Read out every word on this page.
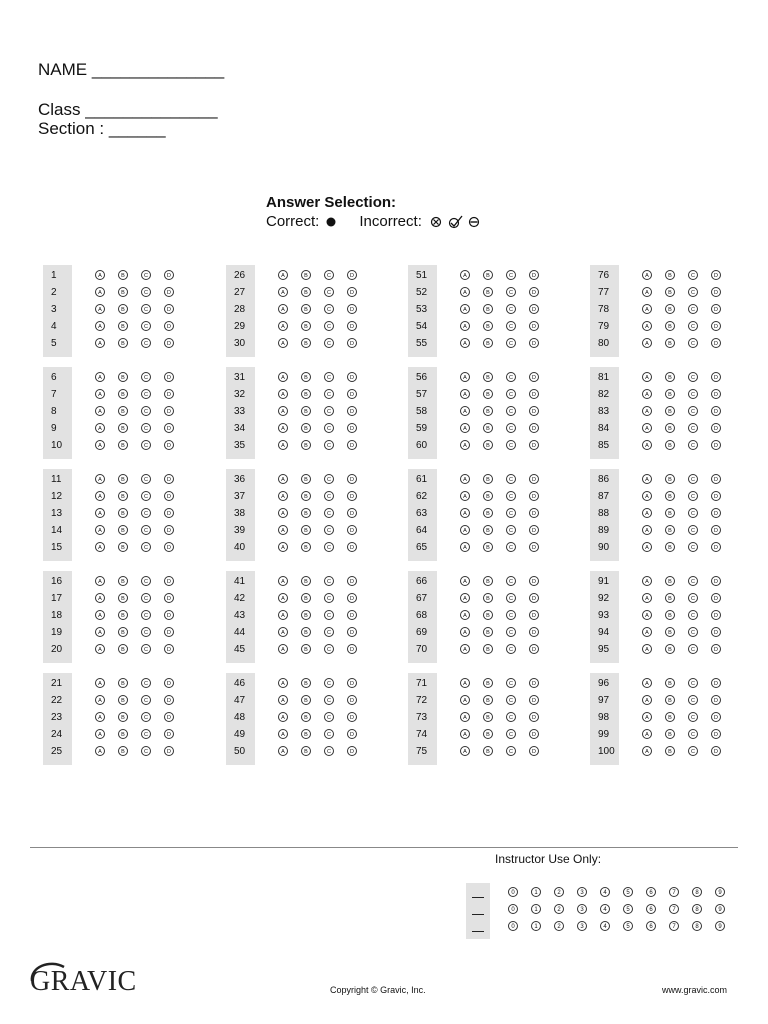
NAME ______________
Class ______________
Section : ______
Answer Selection:
Correct:	Incorrect:
1	A	B	C	D
2	A	B	C	D
3	A	B	C	D
4	A	B	C	D
5	A	B	C	D
6	A	B	C	D
7	A	B	C	D
8	A	B	C	D
9	A	B	C	D
10	A	B	C	D
11	A	B	C	D
12	A	B	C	D
13	A	B	C	D
14	A	B	C	D
15	A	B	C	D
16	A	B	C	D
17	A	B	C	D
18	A	B	C	D
19	A	B	C	D
20	A	B	C	D
21	A	B	C	D
22	A	B	C	D
23	A	B	C	D
24	A	B	C	D
25	A	B	C	D
26	A	B	C	D
27	A	B	C	D
28	A	B	C	D
29	A	B	C	D
30	A	B	C	D
31	A	B	C	D
32	A	B	C	D
33	A	B	C	D
34	A	B	C	D
35	A	B	C	D
36	A	B	C	D
37	A	B	C	D
38	A	B	C	D
39	A	B	C	D
40	A	B	C	D
41	A	B	C	D
42	A	B	C	D
43	A	B	C	D
44	A	B	C	D
45	A	B	C	D
46	A	B	C	D
47	A	B	C	D
48	A	B	C	D
49	A	B	C	D
50	A	B	C	D
51	A	B	C	D
52	A	B	C	D
53	A	B	C	D
54	A	B	C	D
55	A	B	C	D
56	A	B	C	D
57	A	B	C	D
58	A	B	C	D
59	A	B	C	D
60	A	B	C	D
61	A	B	C	D
62	A	B	C	D
63	A	B	C	D
64	A	B	C	D
65	A	B	C	D
66	A	B	C	D
67	A	B	C	D
68	A	B	C	D
69	A	B	C	D
70	A	B	C	D
71	A	B	C	D
72	A	B	C	D
73	A	B	C	D
74	A	B	C	D
75	A	B	C	D
76	A	B	C	D
77	A	B	C	D
78	A	B	C	D
79	A	B	C	D
80	A	B	C	D
81	A	B	C	D
82	A	B	C	D
83	A	B	C	D
84	A	B	C	D
85	A	B	C	D
86	A	B	C	D
87	A	B	C	D
88	A	B	C	D
89	A	B	C	D
90	A	B	C	D
91	A	B	C	D
92	A	B	C	D
93	A	B	C	D
94	A	B	C	D
95	A	B	C	D
96	A	B	C	D
97	A	B	C	D
98	A	B	C	D
99	A	B	C	D
100	A	B	C	D
Instructor Use Only:
0	1	2	3	4	5	6	7	8	9
0	1	2	3	4	5	6	7	8	9
0	1	2	3	4	5	6	7	8	9
GRAVIC	Copyright © Gravic, Inc.	www.gravic.com
